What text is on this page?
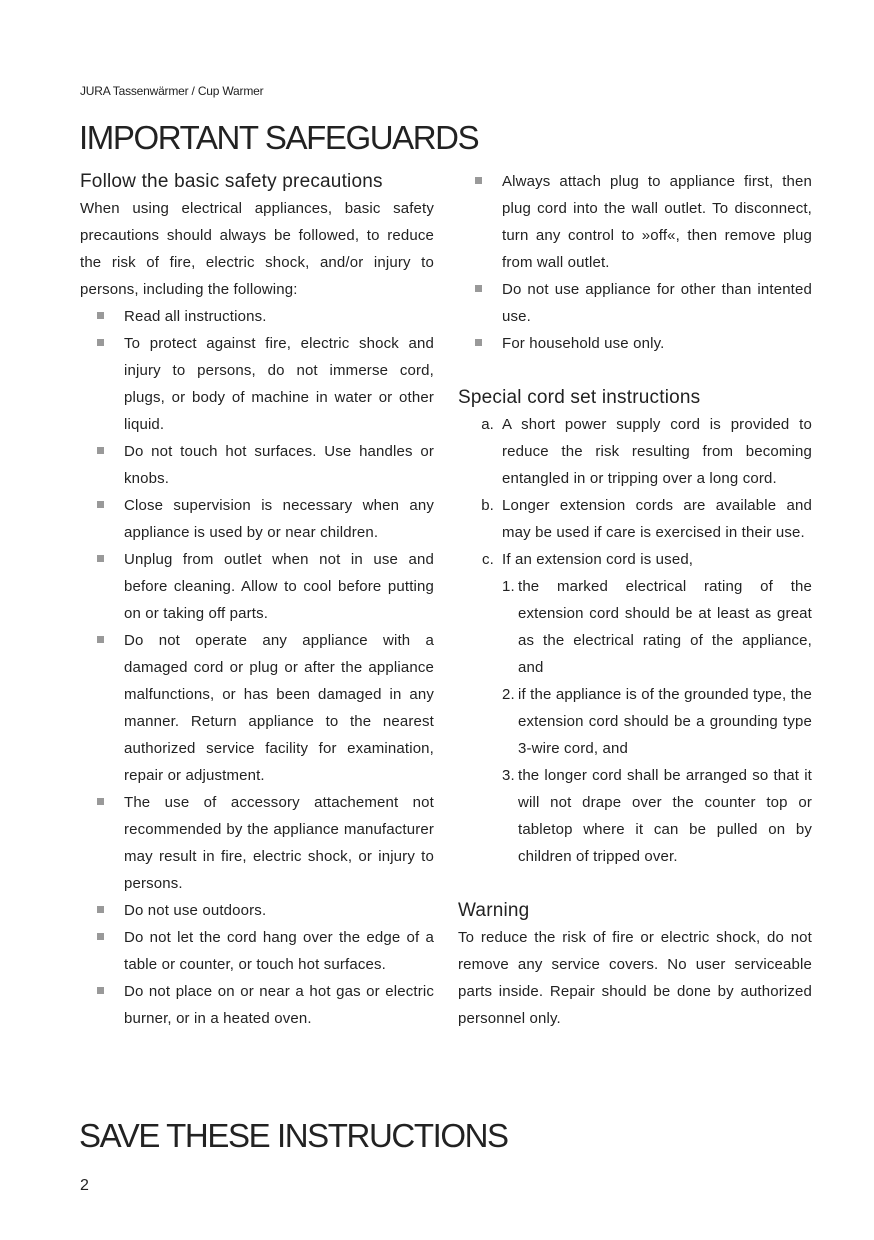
JURA Tassenwärmer / Cup Warmer
IMPORTANT SAFEGUARDS
Follow the basic safety precautions

When using electrical appliances, basic safety precautions should always be followed, to reduce the risk of fire, electric shock, and/or injury to persons, including the following:

Read all instructions.
To protect against fire, electric shock and injury to persons, do not immerse cord, plugs, or body of machine in water or other liquid.
Do not touch hot surfaces. Use handles or knobs.
Close supervision is necessary when any appliance is used by or near children.
Unplug from outlet when not in use and before cleaning. Allow to cool before putting on or taking off parts.
Do not operate any appliance with a damaged cord or plug or after the appliance malfunctions, or has been damaged in any manner. Return appliance to the nearest authorized service facility for examination, repair or adjustment.
The use of accessory attachement not recommended by the appliance manufacturer may result in fire, electric shock, or injury to persons.
Do not use outdoors.
Do not let the cord hang over the edge of a table or counter, or touch hot surfaces.
Do not place on or near a hot gas or electric burner, or in a heated oven.
Always attach plug to appliance first, then plug cord into the wall outlet. To disconnect, turn any control to »off«, then remove plug from wall outlet.
Do not use appliance for other than intented use.
For household use only.
Special cord set instructions
a. A short power supply cord is provided to reduce the risk resulting from becoming entangled in or tripping over a long cord.
b. Longer extension cords are available and may be used if care is exercised in their use.
c. If an extension cord is used,
1. the marked electrical rating of the extension cord should be at least as great as the electrical rating of the appliance, and
2. if the appliance is of the grounded type, the extension cord should be a grounding type 3-wire cord, and
3. the longer cord shall be arranged so that it will not drape over the counter top or tabletop where it can be pulled on by children of tripped over.
Warning

To reduce the risk of fire or electric shock, do not remove any service covers. No user serviceable parts inside. Repair should be done by authorized personnel only.

SAVE THESE INSTRUCTIONS
2
